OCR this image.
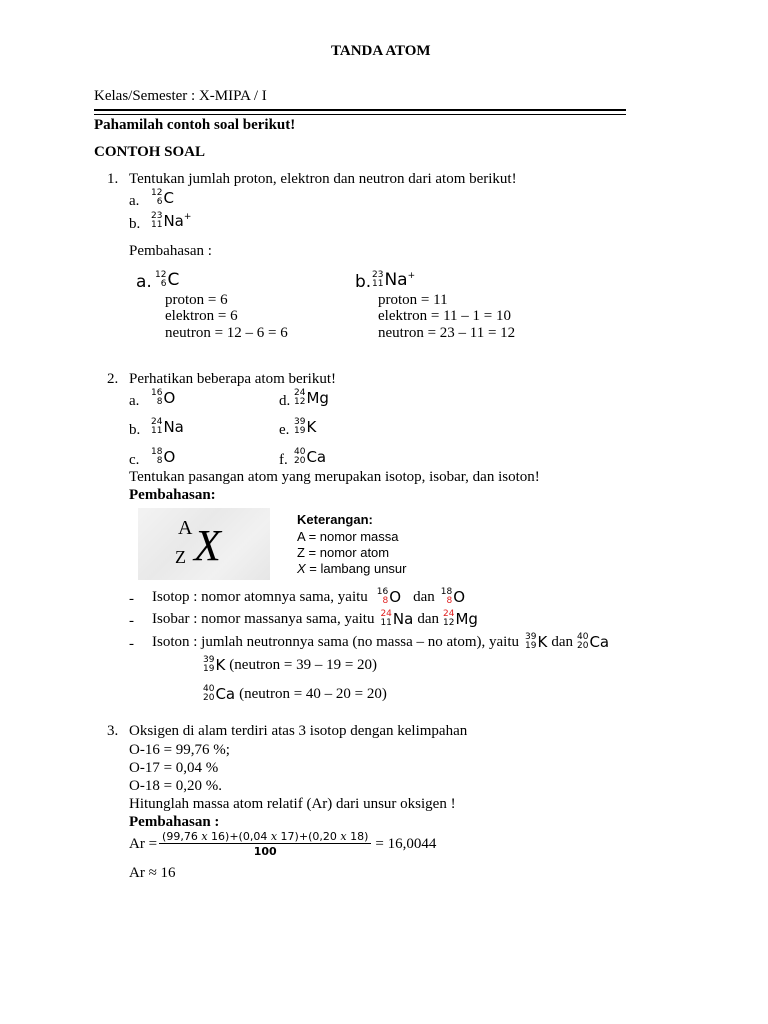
TANDA ATOM
Kelas/Semester : X-MIPA / I
Pahamilah contoh soal berikut!
CONTOH SOAL
1. Tentukan jumlah proton, elektron dan neutron dari atom berikut!
a. 12
6 C
b. 23
11 Na +
Pembahasan :
a. 12
6 C
proton = 6
elektron = 6
neutron = 12 – 6 = 6
b. 23
11 Na +
proton = 11
elektron = 11 – 1 = 10
neutron = 23 – 11 = 12
2. Perhatikan beberapa atom berikut!
a. 16
8 O	d. 24
12 Mg
b. 24
11 Na	e. 39
19 K
c. 18
8 O	f. 40
20 Ca
Tentukan pasangan atom yang merupakan isotop, isobar, dan isoton!
Pembahasan:
A
Z X
Keterangan:
A = nomor massa
Z = nomor atom
X = lambang unsur
- Isotop : nomor atomnya sama, yaitu 16
8 O dan 18
8 O
- Isobar : nomor massanya sama, yaitu 24
11 Na dan 24
12 Mg
- Isoton : jumlah neutronnya sama (no massa – no atom), yaitu 39
19 K dan 40
20 Ca
39
19 K (neutron = 39 – 19 = 20)
40
20 Ca (neutron = 40 – 20 = 20)
3. Oksigen di alam terdiri atas 3 isotop dengan kelimpahan
O-16 = 99,76 %;
O-17 = 0,04 %
O-18 = 0,20 %.
Hitunglah massa atom relatif (Ar) dari unsur oksigen !
Pembahasan :
$Ar = \frac{(99,76 x 16)+(0,04 x 17)+(0,20 x 18)}{100} = 16,0044$
Ar ≈ 16
